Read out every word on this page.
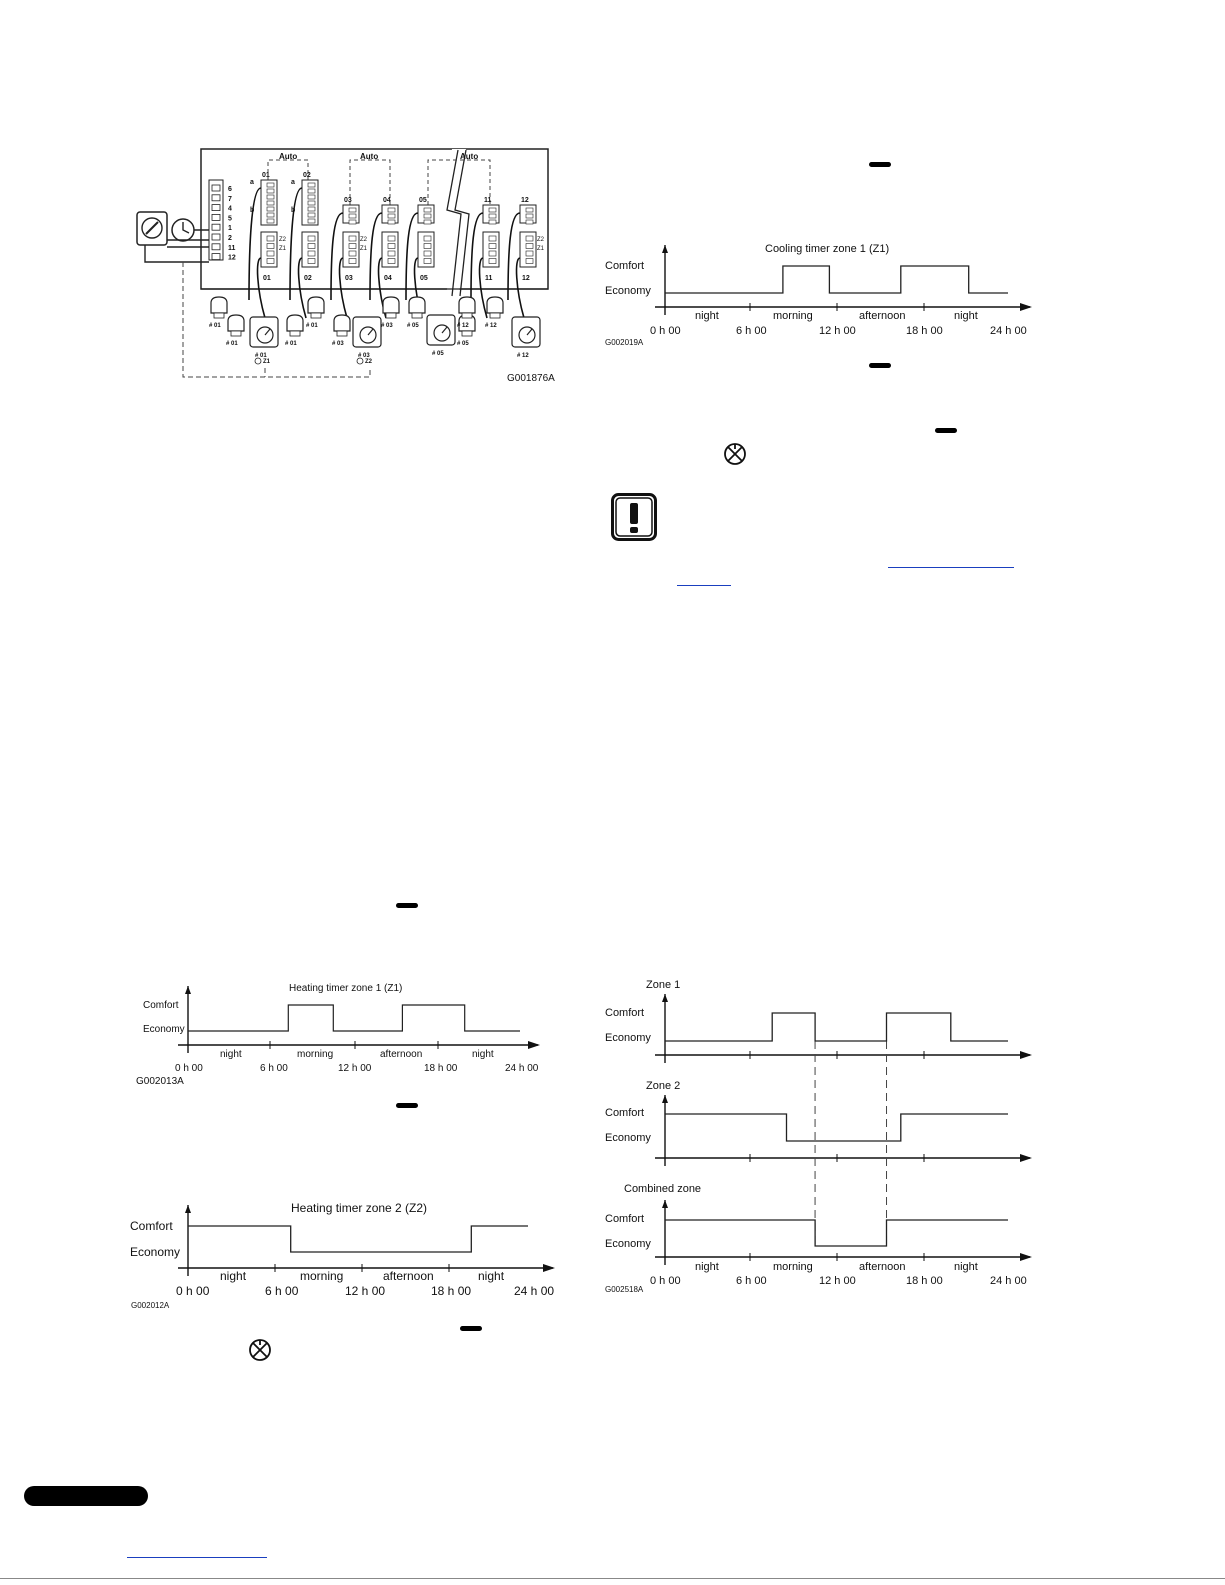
6
7
4
5
1
2
11
12
Auto	Auto	Auto
01
01
02
02
03
03
04
04
05
05
11
11
12
12
a
b
a
b
Z2
Z1
Z2
Z1
Z2
Z1
# 01
# 01	# 01
# 01
# 03
# 03 # 05
# 05
# 12
# 12
# 01	# 03	# 05	# 12
Z1	Z2
G001876A
Cooling timer zone 1 (Z1)
Comfort
Economy
night	morning	afternoon	night
0 h 00	6 h 00	12 h 00	18 h 00	24 h 00
G002019A
Heating timer zone 1 (Z1)
Comfort
Economy
night	morning	afternoon	night
0 h 00	6 h 00	12 h 00	18 h 00	24 h 00
G002013A
Heating timer zone 2 (Z2)
Comfort
Economy
night	morning	afternoon	night
0 h 00	6 h 00	12 h 00	18 h 00	24 h 00
G002012A
Zone 1
Comfort
Economy
Zone 2
Comfort
Economy
Combined zone
Comfort
Economy
night	morning	afternoon	night
0 h 00	6 h 00	12 h 00	18 h 00	24 h 00
G002518A
